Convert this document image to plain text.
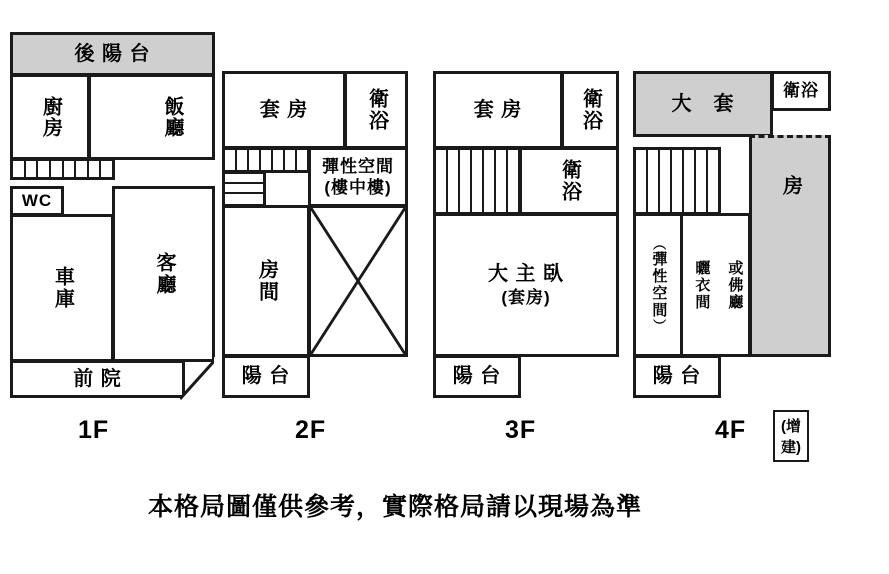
後 陽 台
廚房	飯廳
WC
車庫	客廳
前 院
1F
套 房	衛浴
彈性空間
(樓中樓)
房間
陽 台
2F
套 房	衛浴
衛浴
大 主 臥
(套房)
陽 台
3F
大　套
衛浴
房
（
彈性空間
）
曬衣間 或佛廳
陽 台
4F	(增建)
本格局圖僅供參考，實際格局請以現場為準
